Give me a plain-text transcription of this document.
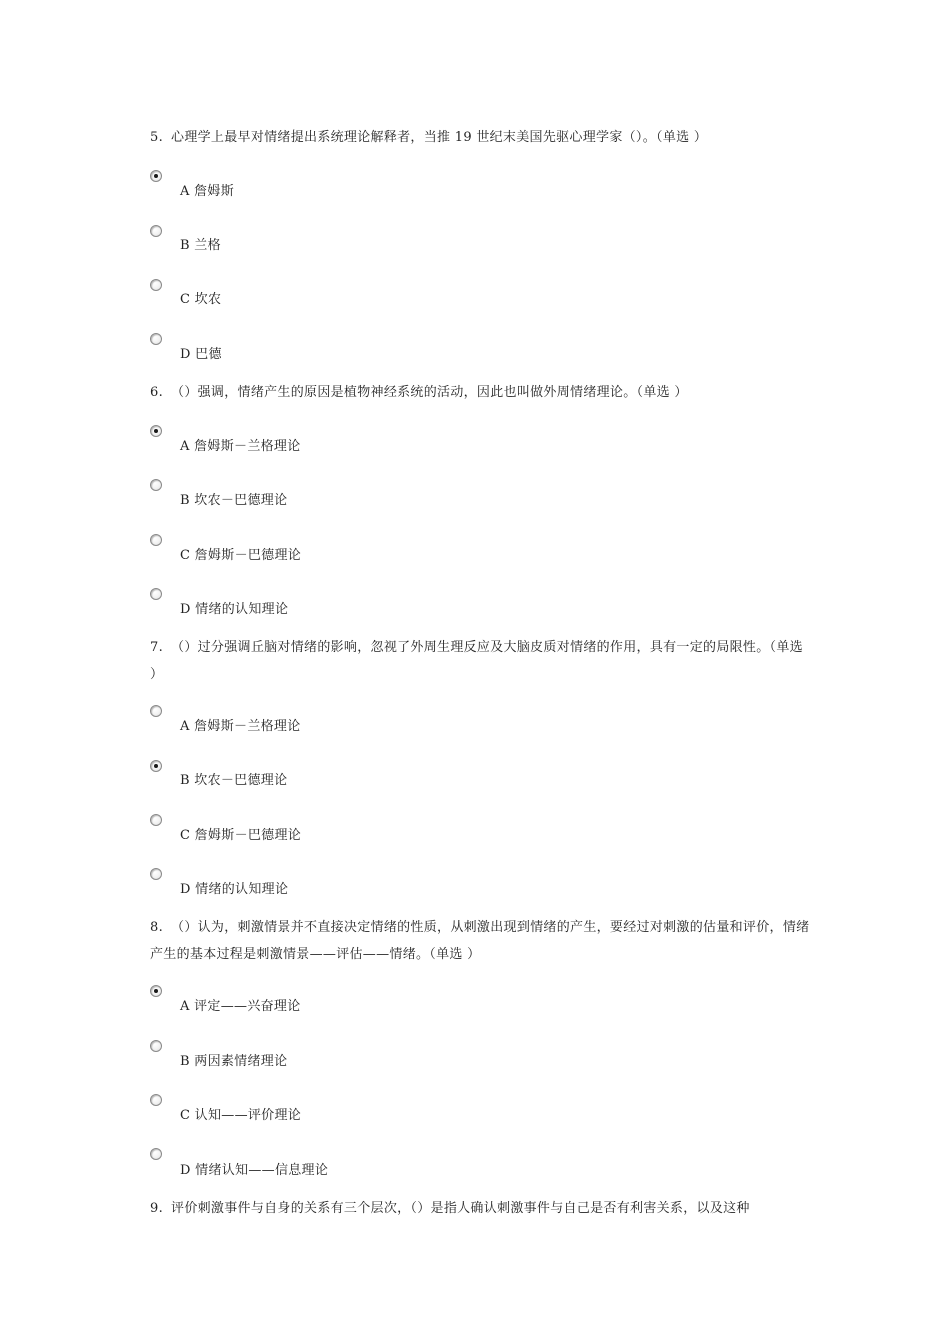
5. 心理学上最早对情绪提出系统理论解释者，当推 19 世纪末美国先驱心理学家（）。（单选 ）
A 詹姆斯
B 兰格
C 坎农
D 巴德
6. （）强调，情绪产生的原因是植物神经系统的活动，因此也叫做外周情绪理论。（单选 ）
A 詹姆斯－兰格理论
B 坎农－巴德理论
C 詹姆斯－巴德理论
D 情绪的认知理论
7. （）过分强调丘脑对情绪的影响，忽视了外周生理反应及大脑皮质对情绪的作用，具有一定的局限性。（单选 ）
A 詹姆斯－兰格理论
B 坎农－巴德理论
C 詹姆斯－巴德理论
D 情绪的认知理论
8. （）认为，刺激情景并不直接决定情绪的性质，从刺激出现到情绪的产生，要经过对刺激的估量和评价，情绪产生的基本过程是刺激情景——评估——情绪。（单选 ）
A 评定——兴奋理论
B 两因素情绪理论
C 认知——评价理论
D 情绪认知——信息理论
9. 评价刺激事件与自身的关系有三个层次，（）是指人确认刺激事件与自己是否有利害关系，以及这种
